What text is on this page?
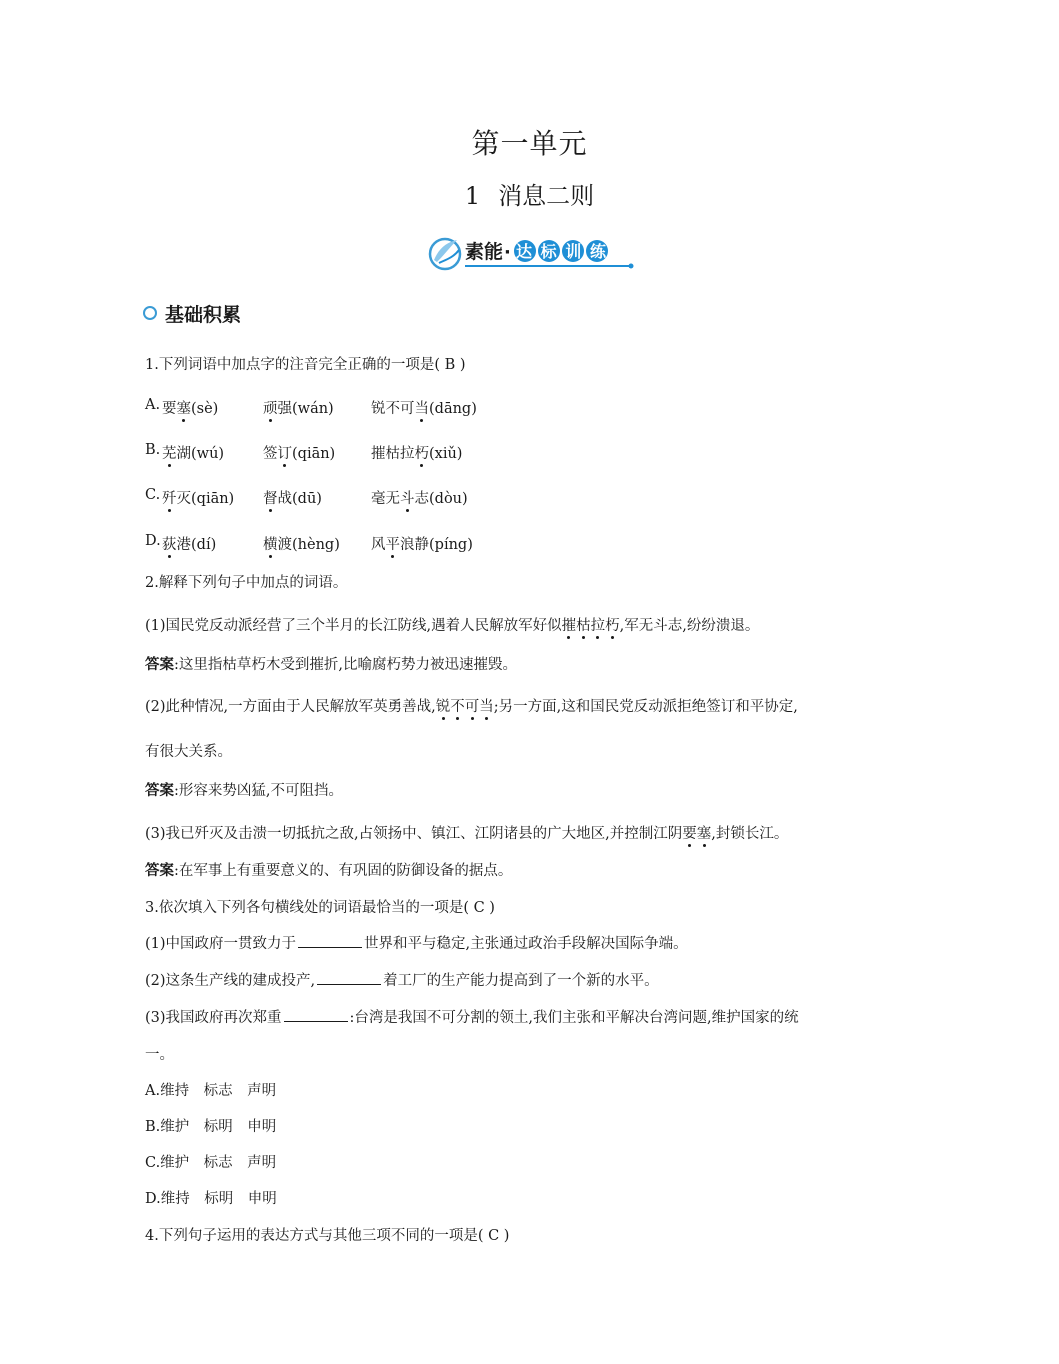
第一单元
1 消息二则
素能 · 达标训练
基础积累
1.下列词语中加点字的注音完全正确的一项是( B )
A. 要塞(sè)	顽强(wán)	锐不可当(dāng)
B. 芜湖(wú)	签订(qiān) 摧枯拉朽(xiǔ)
C. 歼灭(qiān) 督战(dū)	毫无斗志(dòu)
D. 荻港(dí)	横渡(hèng) 风平浪静(píng)
2.解释下列句子中加点的词语。
(1)国民党反动派经营了三个半月的长江防线,遇着人民解放军好似摧枯拉朽,军无斗志,纷纷溃退。
答案:这里指枯草朽木受到摧折,比喻腐朽势力被迅速摧毁。
(2)此种情况,一方面由于人民解放军英勇善战,锐不可当;另一方面,这和国民党反动派拒绝签订和平协定,
有很大关系。
答案:形容来势凶猛,不可阻挡。
(3)我已歼灭及击溃一切抵抗之敌,占领扬中、镇江、江阴诸县的广大地区,并控制江阴要塞,封锁长江。
答案:在军事上有重要意义的、有巩固的防御设备的据点。
3.依次填入下列各句横线处的词语最恰当的一项是( C )
(1)中国政府一贯致力于	世界和平与稳定,主张通过政治手段解决国际争端。
(2)这条生产线的建成投产,	着工厂的生产能力提高到了一个新的水平。
(3)我国政府再次郑重	:台湾是我国不可分割的领土,我们主张和平解决台湾问题,维护国家的统
一。
A.维持　标志　声明
B.维护　标明　申明
C.维护　标志　声明
D.维持　标明　申明
4.下列句子运用的表达方式与其他三项不同的一项是( C )
